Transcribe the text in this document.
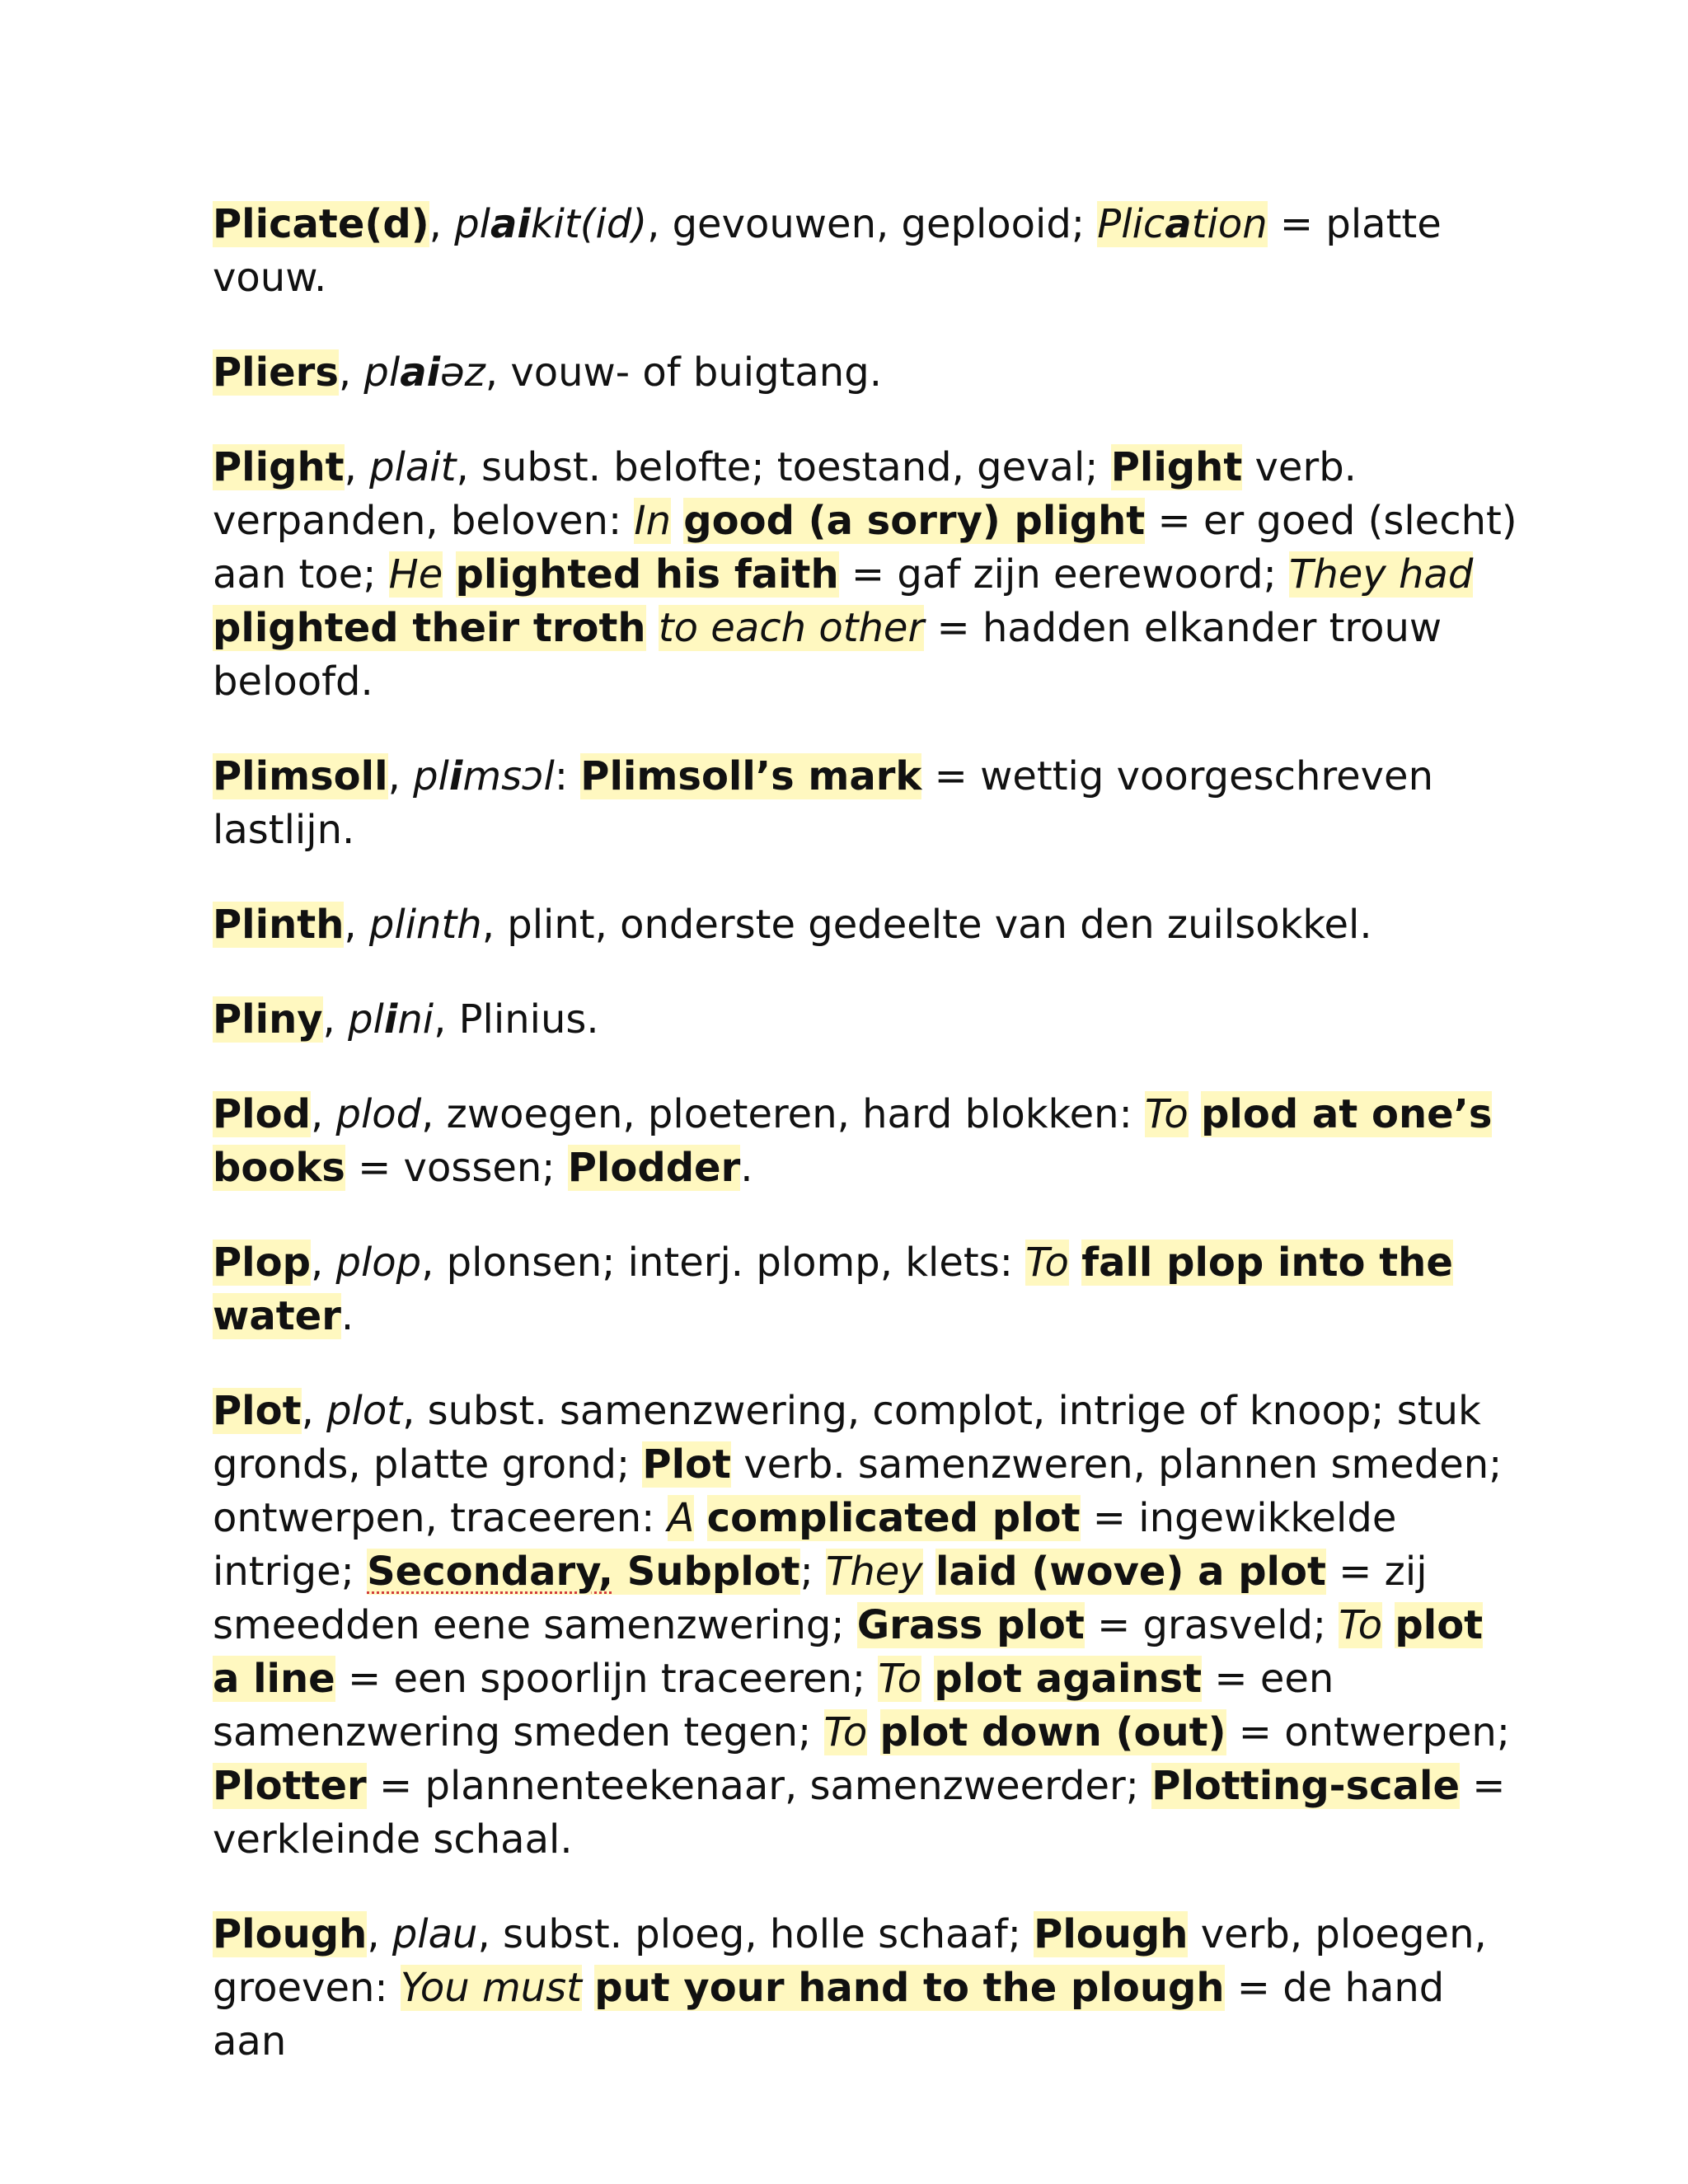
Plicate(d), plaikit(id), gevouwen, geplooid; Plication = platte vouw.

Pliers, plaiəz, vouw- of buigtang.

Plight, plait, subst. belofte; toestand, geval; Plight verb. verpanden, beloven: In good (a sorry) plight = er goed (slecht) aan toe; He plighted his faith = gaf zijn eerewoord; They had plighted their troth to each other = hadden elkander trouw beloofd.

Plimsoll, plimsɔl: Plimsoll’s mark = wettig voorgeschreven lastlijn.

Plinth, plinth, plint, onderste gedeelte van den zuilsokkel.

Pliny, plini, Plinius.

Plod, plod, zwoegen, ploeteren, hard blokken: To plod at one’s books = vossen; Plodder.

Plop, plop, plonsen; interj. plomp, klets: To fall plop into the water.

Plot, plot, subst. samenzwering, complot, intrige of knoop; stuk gronds, platte grond; Plot verb. samenzweren, plannen smeden; ontwerpen, traceeren: A complicated plot = ingewikkelde intrige; Secondary, Subplot; They laid (wove) a plot = zij smeedden eene samenzwering; Grass plot = grasveld; To plot a line = een spoorlijn traceeren; To plot against = een samenzwering smeden tegen; To plot down (out) = ontwerpen; Plotter = plannenteekenaar, samenzweerder; Plotting-scale = verkleinde schaal.

Plough, plau, subst. ploeg, holle schaaf; Plough verb, ploegen, groeven: You must put your hand to the plough = de hand aan
